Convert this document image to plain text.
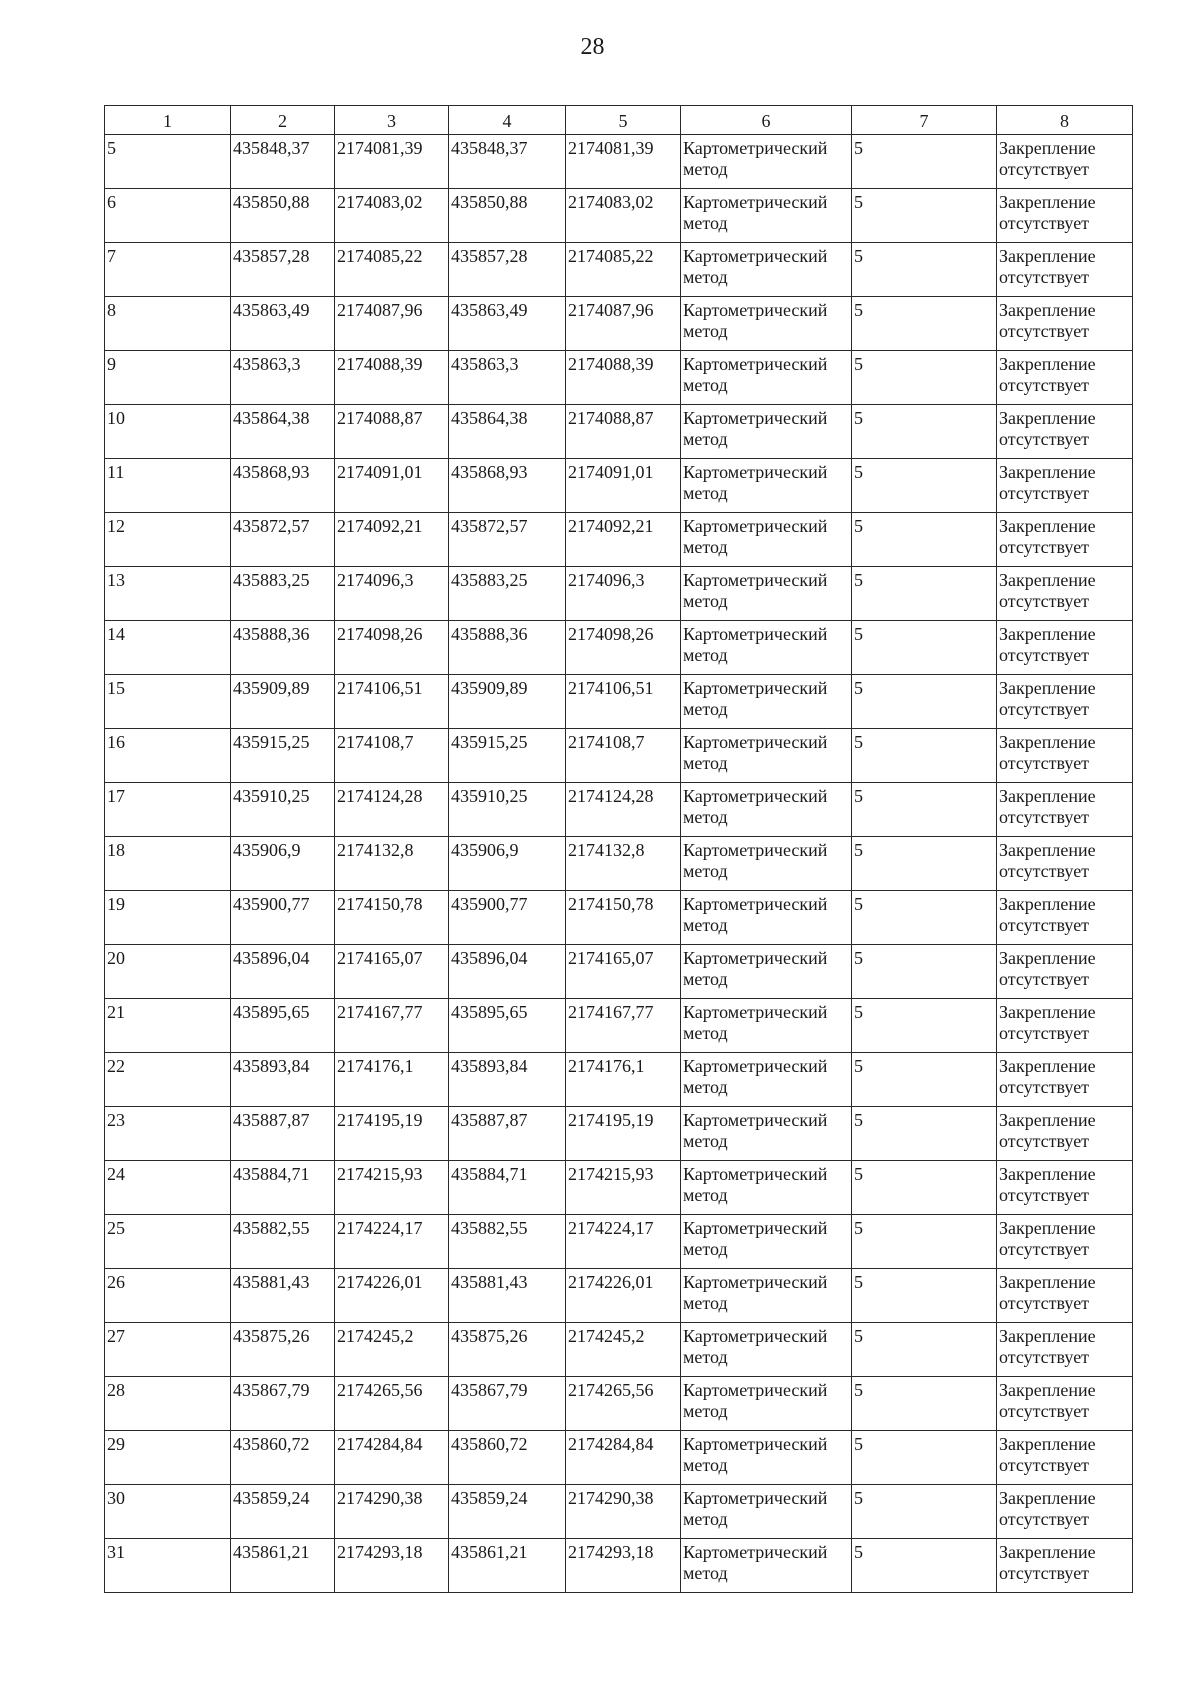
28
1	2	3	4	5	6	7	8
5	435848,37	2174081,39	435848,37	2174081,39	Картометрический метод	5	Закрепление отсутствует
6	435850,88	2174083,02	435850,88	2174083,02	Картометрический метод	5	Закрепление отсутствует
7	435857,28	2174085,22	435857,28	2174085,22	Картометрический метод	5	Закрепление отсутствует
8	435863,49	2174087,96	435863,49	2174087,96	Картометрический метод	5	Закрепление отсутствует
9	435863,3	2174088,39	435863,3	2174088,39	Картометрический метод	5	Закрепление отсутствует
10	435864,38	2174088,87	435864,38	2174088,87	Картометрический метод	5	Закрепление отсутствует
11	435868,93	2174091,01	435868,93	2174091,01	Картометрический метод	5	Закрепление отсутствует
12	435872,57	2174092,21	435872,57	2174092,21	Картометрический метод	5	Закрепление отсутствует
13	435883,25	2174096,3	435883,25	2174096,3	Картометрический метод	5	Закрепление отсутствует
14	435888,36	2174098,26	435888,36	2174098,26	Картометрический метод	5	Закрепление отсутствует
15	435909,89	2174106,51	435909,89	2174106,51	Картометрический метод	5	Закрепление отсутствует
16	435915,25	2174108,7	435915,25	2174108,7	Картометрический метод	5	Закрепление отсутствует
17	435910,25	2174124,28	435910,25	2174124,28	Картометрический метод	5	Закрепление отсутствует
18	435906,9	2174132,8	435906,9	2174132,8	Картометрический метод	5	Закрепление отсутствует
19	435900,77	2174150,78	435900,77	2174150,78	Картометрический метод	5	Закрепление отсутствует
20	435896,04	2174165,07	435896,04	2174165,07	Картометрический метод	5	Закрепление отсутствует
21	435895,65	2174167,77	435895,65	2174167,77	Картометрический метод	5	Закрепление отсутствует
22	435893,84	2174176,1	435893,84	2174176,1	Картометрический метод	5	Закрепление отсутствует
23	435887,87	2174195,19	435887,87	2174195,19	Картометрический метод	5	Закрепление отсутствует
24	435884,71	2174215,93	435884,71	2174215,93	Картометрический метод	5	Закрепление отсутствует
25	435882,55	2174224,17	435882,55	2174224,17	Картометрический метод	5	Закрепление отсутствует
26	435881,43	2174226,01	435881,43	2174226,01	Картометрический метод	5	Закрепление отсутствует
27	435875,26	2174245,2	435875,26	2174245,2	Картометрический метод	5	Закрепление отсутствует
28	435867,79	2174265,56	435867,79	2174265,56	Картометрический метод	5	Закрепление отсутствует
29	435860,72	2174284,84	435860,72	2174284,84	Картометрический метод	5	Закрепление отсутствует
30	435859,24	2174290,38	435859,24	2174290,38	Картометрический метод	5	Закрепление отсутствует
31	435861,21	2174293,18	435861,21	2174293,18	Картометрический метод	5	Закрепление отсутствует
